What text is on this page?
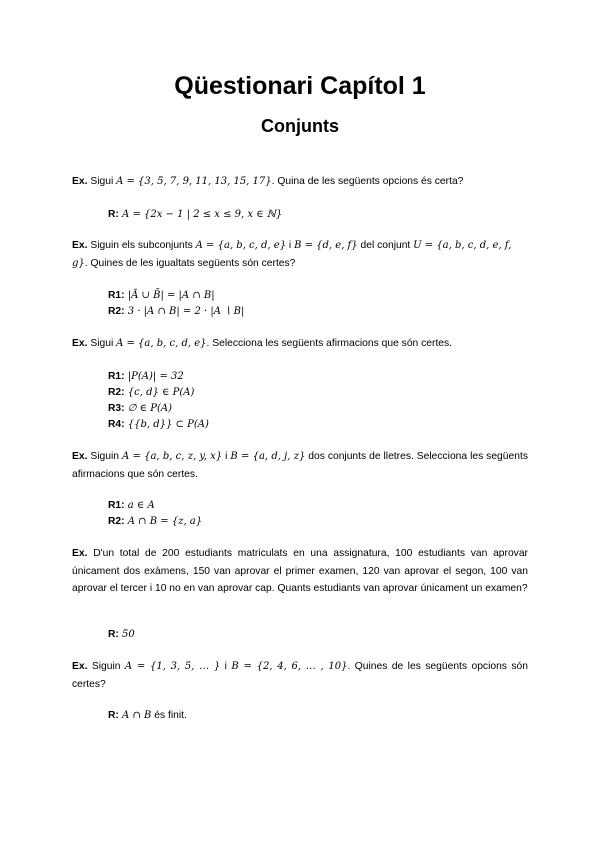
Qüestionari Capítol 1
Conjunts

Ex. Sigui A = {3, 5, 7, 9, 11, 13, 15, 17}. Quina de les següents opcions és certa?

R: A = {2x − 1 | 2 ≤ x ≤ 9, x ∈ ℕ}

Ex. Siguin els subconjunts A = {a, b, c, d, e} i B = {d, e, f} del conjunt U = {a, b, c, d, e, f, g}. Quines de les igualtats següents són certes?

R1: |Ā ∪ B̄| = |A ∩ B|

R2: 3 · |A ∩ B| = 2 · |A ∖ B|

Ex. Sigui A = {a, b, c, d, e}. Selecciona les següents afirmacions que són certes.

R1: |P(A)| = 32

R2: {c, d} ∈ P(A)

R3: ∅ ∈ P(A)

R4: {{b, d}} ⊂ P(A)

Ex. Siguin A = {a, b, c, z, y, x} i B = {a, d, j, z} dos conjunts de lletres. Selecciona les següents afirmacions que són certes.

R1: a ∈ A

R2: A ∩ B = {z, a}

Ex. D'un total de 200 estudiants matriculats en una assignatura, 100 estudiants van aprovar únicament dos exàmens, 150 van aprovar el primer examen, 120 van aprovar el segon, 100 van aprovar el tercer i 10 no en van aprovar cap. Quants estudiants van aprovar únicament un examen?

R: 50

Ex. Siguin A = {1, 3, 5, … } i B = {2, 4, 6, … , 10}. Quines de les següents opcions són certes?

R: A ∩ B és finit.
